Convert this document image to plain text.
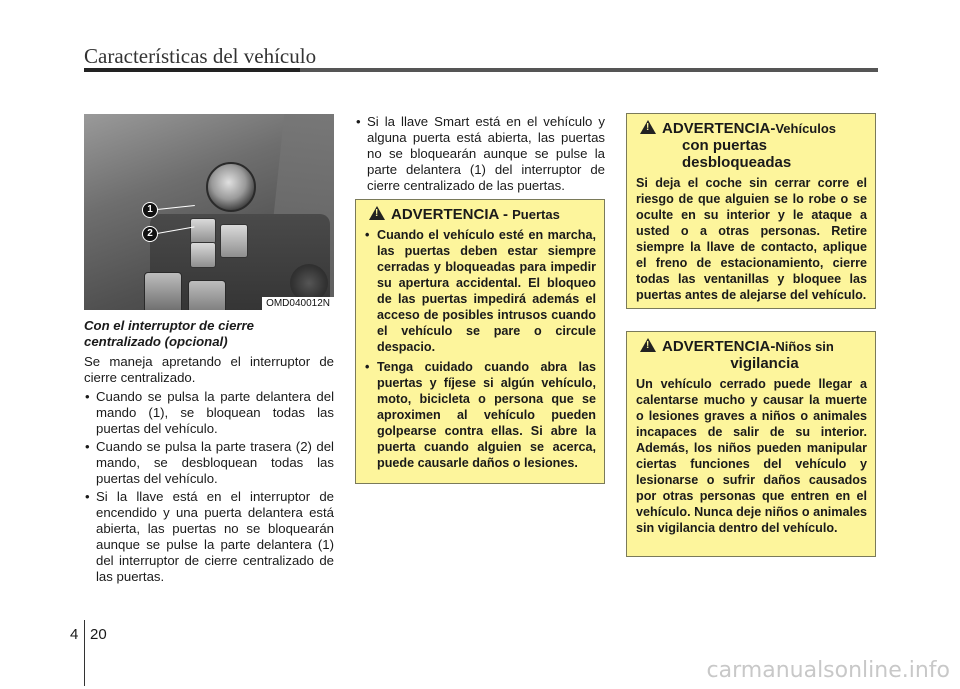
Características del vehículo
1
2
OMD040012N

Con el interruptor de cierre centralizado (opcional)

Se maneja apretando el interruptor de cierre centralizado.

• Cuando se pulsa la parte delantera del mando (1), se bloquean todas las puertas del vehículo.
• Cuando se pulsa la parte trasera (2) del mando, se desbloquean todas las puertas del vehículo.
• Si la llave está en el interruptor de encendido y una puerta delantera está abierta, las puertas no se bloquearán aunque se pulse la parte delantera (1) del interruptor de cierre centralizado de las puertas.
• Si la llave Smart está en el vehículo y alguna puerta está abierta, las puertas no se bloquearán aunque se pulse la parte delantera (1) del interruptor de cierre centralizado de las puertas.
!
ADVERTENCIA - Puertas
• Cuando el vehículo esté en marcha, las puertas deben estar siempre cerradas y bloqueadas para impedir su apertura accidental. El bloqueo de las puertas impedirá además el acceso de posibles intrusos cuando el vehículo se pare o circule despacio.
• Tenga cuidado cuando abra las puertas y fíjese si algún vehículo, moto, bicicleta o persona que se aproximen al vehículo pueden golpearse contra ellas. Si abre la puerta cuando alguien se acerca, puede causarle daños o lesiones.
!
ADVERTENCIA-Vehículos
con puertas desbloqueadas
Si deja el coche sin cerrar corre el riesgo de que alguien se lo robe o se oculte en su interior y le ataque a usted o a otras personas. Retire siempre la llave de contacto, aplique el freno de estacionamiento, cierre todas las ventanillas y bloquee las puertas antes de alejarse del vehículo.
!
ADVERTENCIA-Niños sin
vigilancia
Un vehículo cerrado puede llegar a calentarse mucho y causar la muerte o lesiones graves a niños o animales incapaces de salir de su interior. Además, los niños pueden manipular ciertas funciones del vehículo y lesionarse o sufrir daños causados por otras personas que entren en el vehículo. Nunca deje niños o animales sin vigilancia dentro del vehículo.
4 20
carmanualsonline.info
